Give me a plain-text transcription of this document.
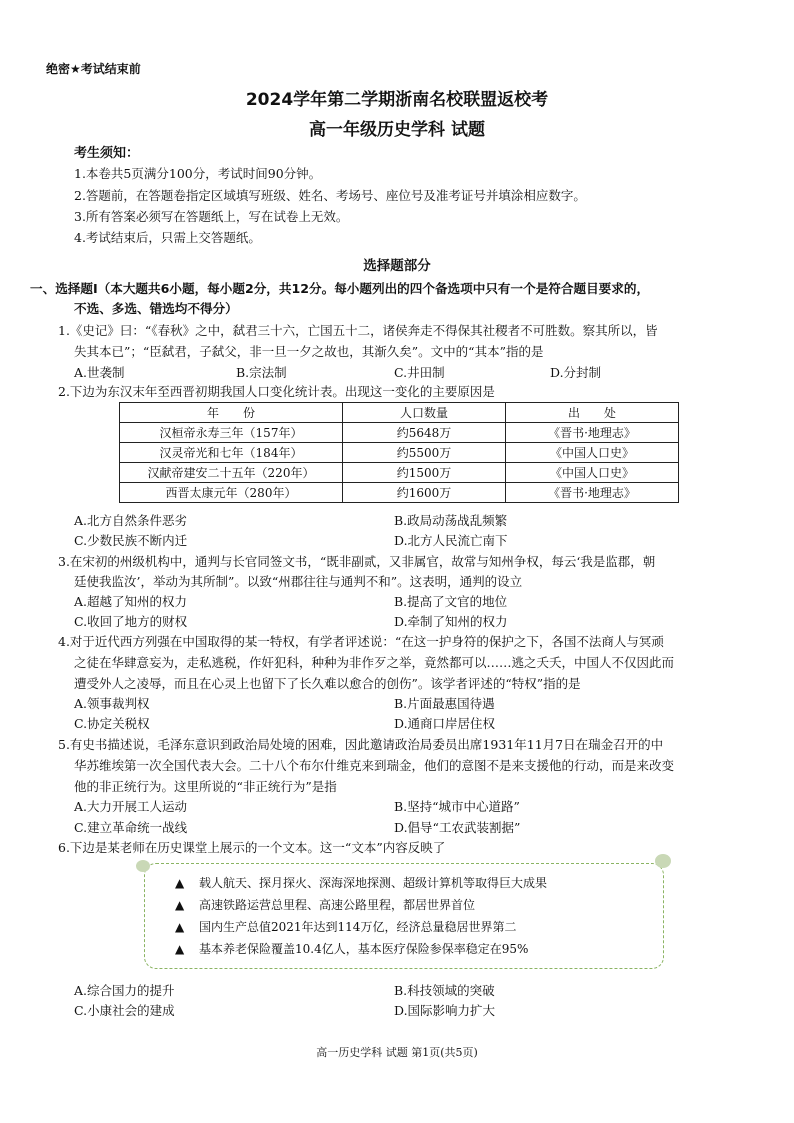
绝密★考试结束前
2024学年第二学期浙南名校联盟返校考
高一年级历史学科 试题
考生须知：
1.本卷共5页满分100分，考试时间90分钟。
2.答题前，在答题卷指定区域填写班级、姓名、考场号、座位号及准考证号并填涂相应数字。
3.所有答案必须写在答题纸上，写在试卷上无效。
4.考试结束后，只需上交答题纸。
选择题部分
一、选择题Ⅰ（本大题共6小题，每小题2分，共12分。每小题列出的四个备选项中只有一个是符合题目要求的，
不选、多选、错选均不得分）
1.《史记》曰：“《春秋》之中，弑君三十六，亡国五十二，诸侯奔走不得保其社稷者不可胜数。察其所以，皆
失其本已”；“臣弑君，子弑父，非一旦一夕之故也，其渐久矣”。文中的“其本”指的是
A.世袭制	B.宗法制	C.井田制	D.分封制
2.下边为东汉末年至西晋初期我国人口变化统计表。出现这一变化的主要原因是
年　　份	人口数量	出　　处
汉桓帝永寿三年（157年）	约5648万	《晋书·地理志》
汉灵帝光和七年（184年）	约5500万	《中国人口史》
汉献帝建安二十五年（220年）	约1500万	《中国人口史》
西晋太康元年（280年）	约1600万	《晋书·地理志》
A.北方自然条件恶劣	B.政局动荡战乱频繁
C.少数民族不断内迁	D.北方人民流亡南下
3.在宋初的州级机构中，通判与长官同签文书，“既非副贰，又非属官，故常与知州争权，每云‘我是监郡，朝
廷使我监汝’，举动为其所制”。以致“州郡往往与通判不和”。这表明，通判的设立
A.超越了知州的权力	B.提高了文官的地位
C.收回了地方的财权	D.牵制了知州的权力
4.对于近代西方列强在中国取得的某一特权，有学者评述说：“在这一护身符的保护之下，各国不法商人与冥顽
之徒在华肆意妄为，走私逃税，作奸犯科，种种为非作歹之举，竟然都可以……逃之夭夭，中国人不仅因此而
遭受外人之凌辱，而且在心灵上也留下了长久难以愈合的创伤”。该学者评述的“特权”指的是
A.领事裁判权	B.片面最惠国待遇
C.协定关税权	D.通商口岸居住权
5.有史书描述说，毛泽东意识到政治局处境的困难，因此邀请政治局委员出席1931年11月7日在瑞金召开的中
华苏维埃第一次全国代表大会。二十八个布尔什维克来到瑞金，他们的意图不是来支援他的行动，而是来改变
他的非正统行为。这里所说的“非正统行为”是指
A.大力开展工人运动	B.坚持“城市中心道路”
C.建立革命统一战线	D.倡导“工农武装割据”
6.下边是某老师在历史课堂上展示的一个文本。这一“文本”内容反映了
▲ 载人航天、探月探火、深海深地探测、超级计算机等取得巨大成果
▲ 高速铁路运营总里程、高速公路里程，都居世界首位
▲ 国内生产总值2021年达到114万亿，经济总量稳居世界第二
▲ 基本养老保险覆盖10.4亿人，基本医疗保险参保率稳定在95%
A.综合国力的提升	B.科技领域的突破
C.小康社会的建成	D.国际影响力扩大
高一历史学科 试题 第1页(共5页)
